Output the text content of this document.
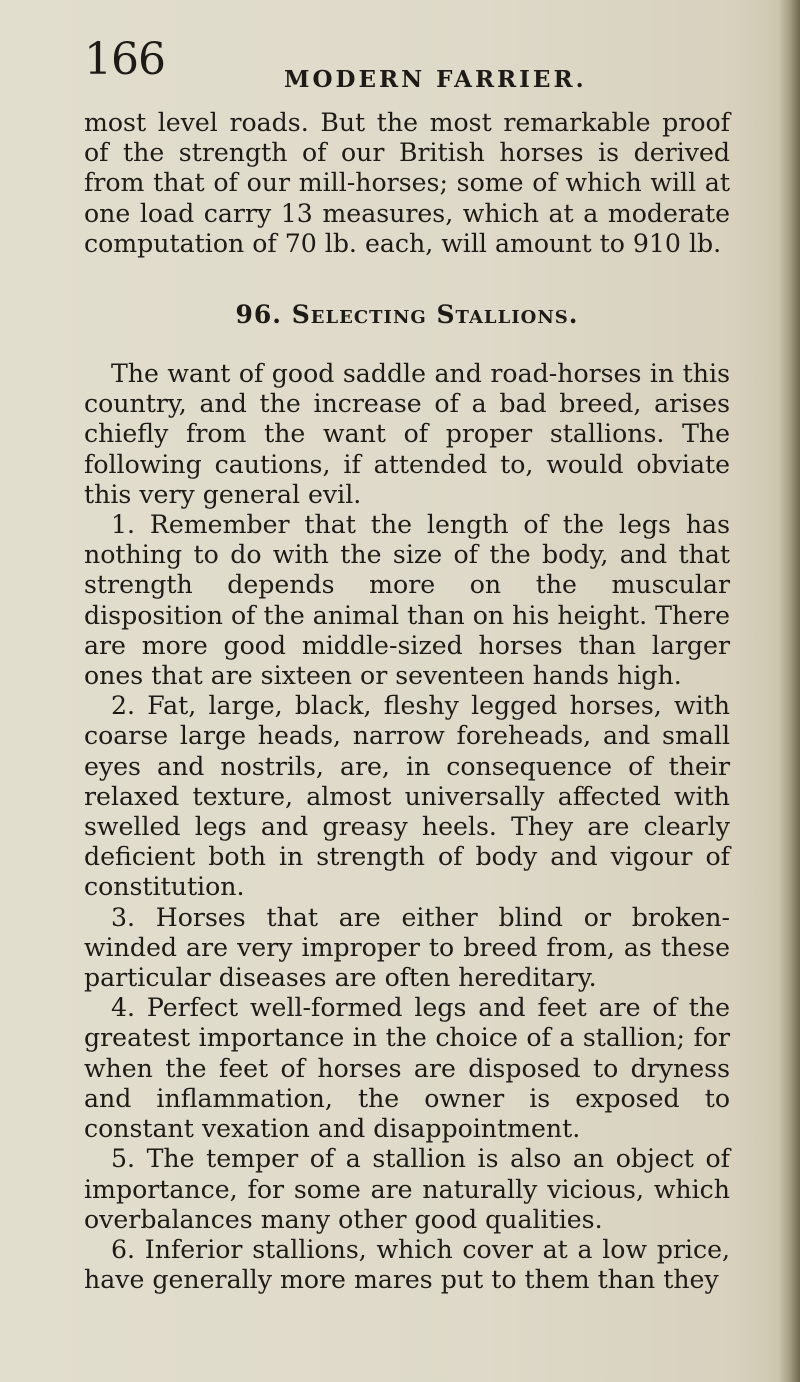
166	MODERN FARRIER.

most level roads. But the most remarkable proof of the strength of our British horses is derived from that of our mill-horses; some of which will at one load carry 13 measures, which at a moderate computation of 70 lb. each, will amount to 910 lb.

96. Selecting Stallions.

The want of good saddle and road-horses in this country, and the increase of a bad breed, arises chiefly from the want of proper stallions. The following cautions, if attended to, would obviate this very general evil.

1. Remember that the length of the legs has nothing to do with the size of the body, and that strength depends more on the muscular disposition of the animal than on his height. There are more good middle-sized horses than larger ones that are sixteen or seventeen hands high.

2. Fat, large, black, fleshy legged horses, with coarse large heads, narrow foreheads, and small eyes and nostrils, are, in consequence of their relaxed texture, almost universally affected with swelled legs and greasy heels. They are clearly deficient both in strength of body and vigour of constitution.

3. Horses that are either blind or broken-winded are very improper to breed from, as these particular diseases are often hereditary.

4. Perfect well-formed legs and feet are of the greatest importance in the choice of a stallion; for when the feet of horses are disposed to dryness and inflammation, the owner is exposed to constant vexation and disappointment.

5. The temper of a stallion is also an object of importance, for some are naturally vicious, which overbalances many other good qualities.

6. Inferior stallions, which cover at a low price, have generally more mares put to them than they
